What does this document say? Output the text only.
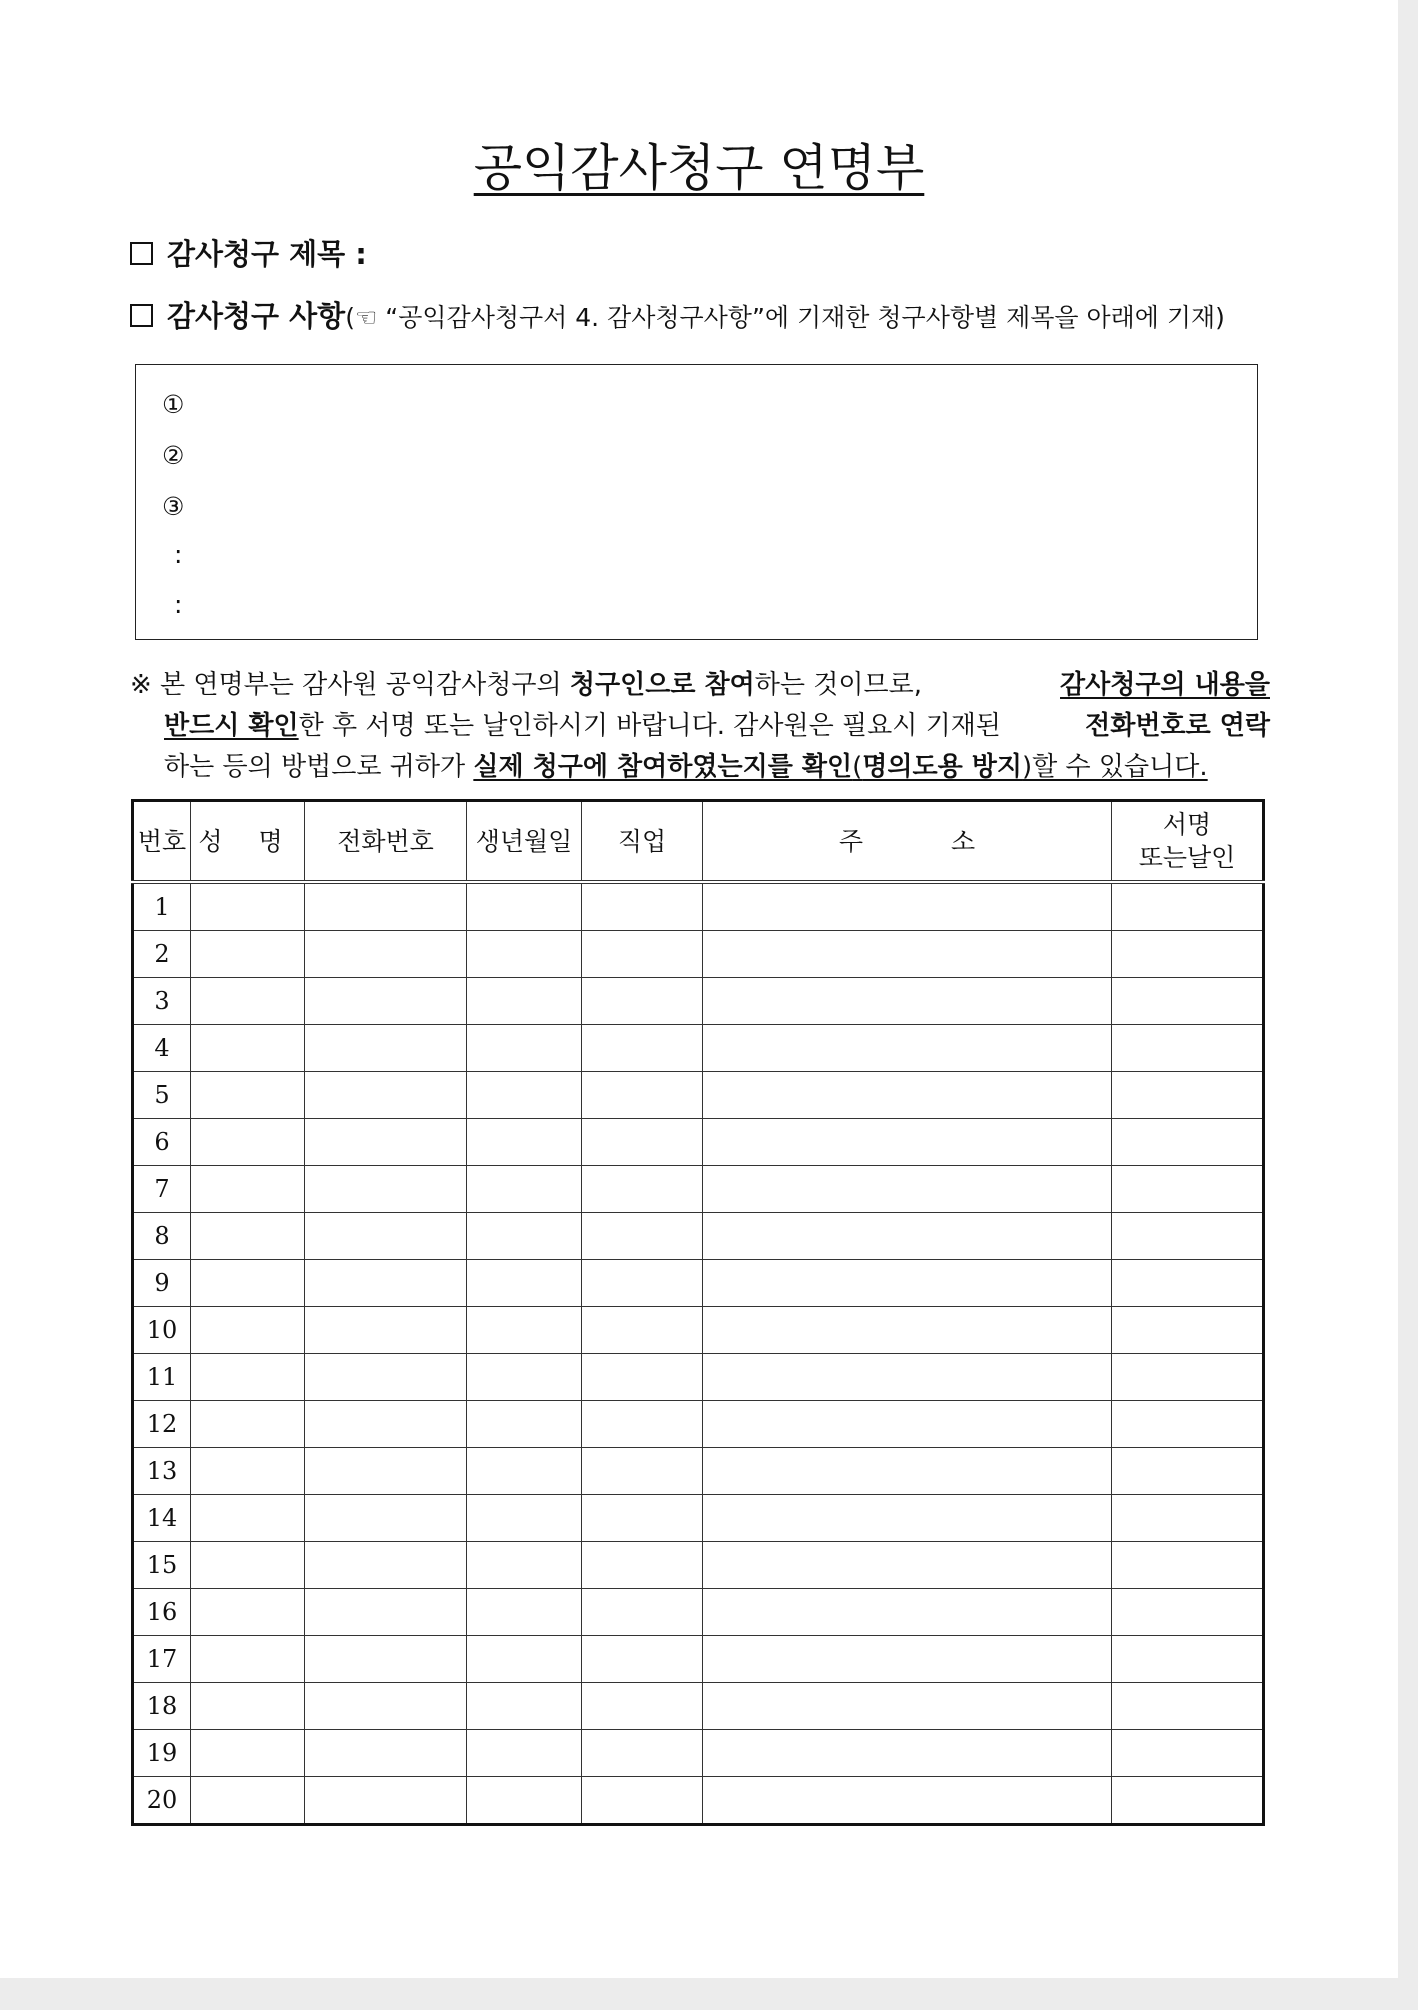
공익감사청구 연명부
감사청구 제목 :
감사청구 사항(☜ “공익감사청구서 4. 감사청구사항”에 기재한 청구사항별 제목을 아래에 기재)
①
②
③
:
:
※ 본 연명부는 감사원 공익감사청구의 청구인으로 참여하는 것이므로,	감사청구의 내용을
반드시 확인한 후 서명 또는 날인하시기 바랍니다. 감사원은 필요시 기재된	전화번호로 연락
하는 등의 방법으로 귀하가 실제 청구에 참여하였는지를 확인(명의도용 방지)할 수 있습니다.
번호	성 명	전화번호	생년월일	직업	주 소	서명
또는날인

1						
2						
3						
4						
5						
6						
7						
8						
9						
10						
11						
12						
13						
14						
15						
16						
17						
18						
19						
20						
